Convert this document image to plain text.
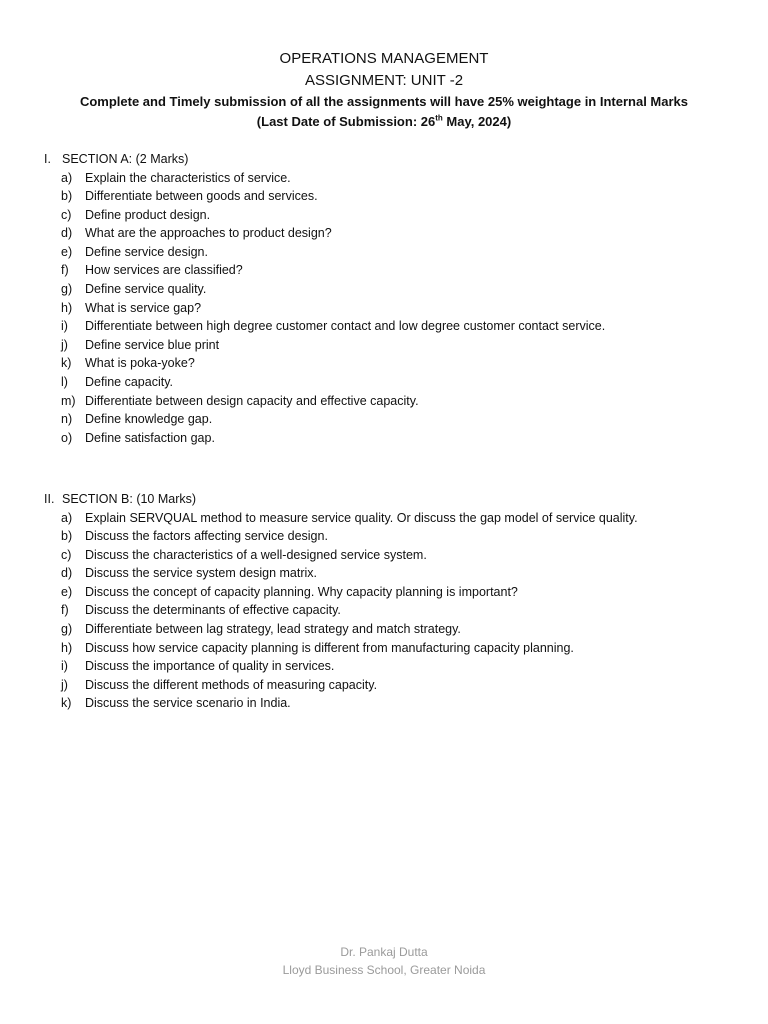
OPERATIONS MANAGEMENT
ASSIGNMENT: UNIT -2
Complete and Timely submission of all the assignments will have 25% weightage in Internal Marks
(Last Date of Submission: 26th May, 2024)
I. SECTION A: (2 Marks)
a)	Explain the characteristics of service.
b)	Differentiate between goods and services.
c)	Define product design.
d)	What are the approaches to product design?
e)	Define service design.
f)	How services are classified?
g)	Define service quality.
h)	What is service gap?
i)	Differentiate between high degree customer contact and low degree customer contact service.
j)	Define service blue print
k)	What is poka-yoke?
l)	Define capacity.
m) Differentiate between design capacity and effective capacity.
n)	Define knowledge gap.
o)	Define satisfaction gap.
II. SECTION B: (10 Marks)
a)	Explain SERVQUAL method to measure service quality. Or discuss the gap model of service quality.
b)	Discuss the factors affecting service design.
c)	Discuss the characteristics of a well-designed service system.
d)	Discuss the service system design matrix.
e)	Discuss the concept of capacity planning. Why capacity planning is important?
f)	Discuss the determinants of effective capacity.
g)	Differentiate between lag strategy, lead strategy and match strategy.
h)	Discuss how service capacity planning is different from manufacturing capacity planning.
i)	Discuss the importance of quality in services.
j)	Discuss the different methods of measuring capacity.
k)	Discuss the service scenario in India.
Dr. Pankaj Dutta
Lloyd Business School, Greater Noida
